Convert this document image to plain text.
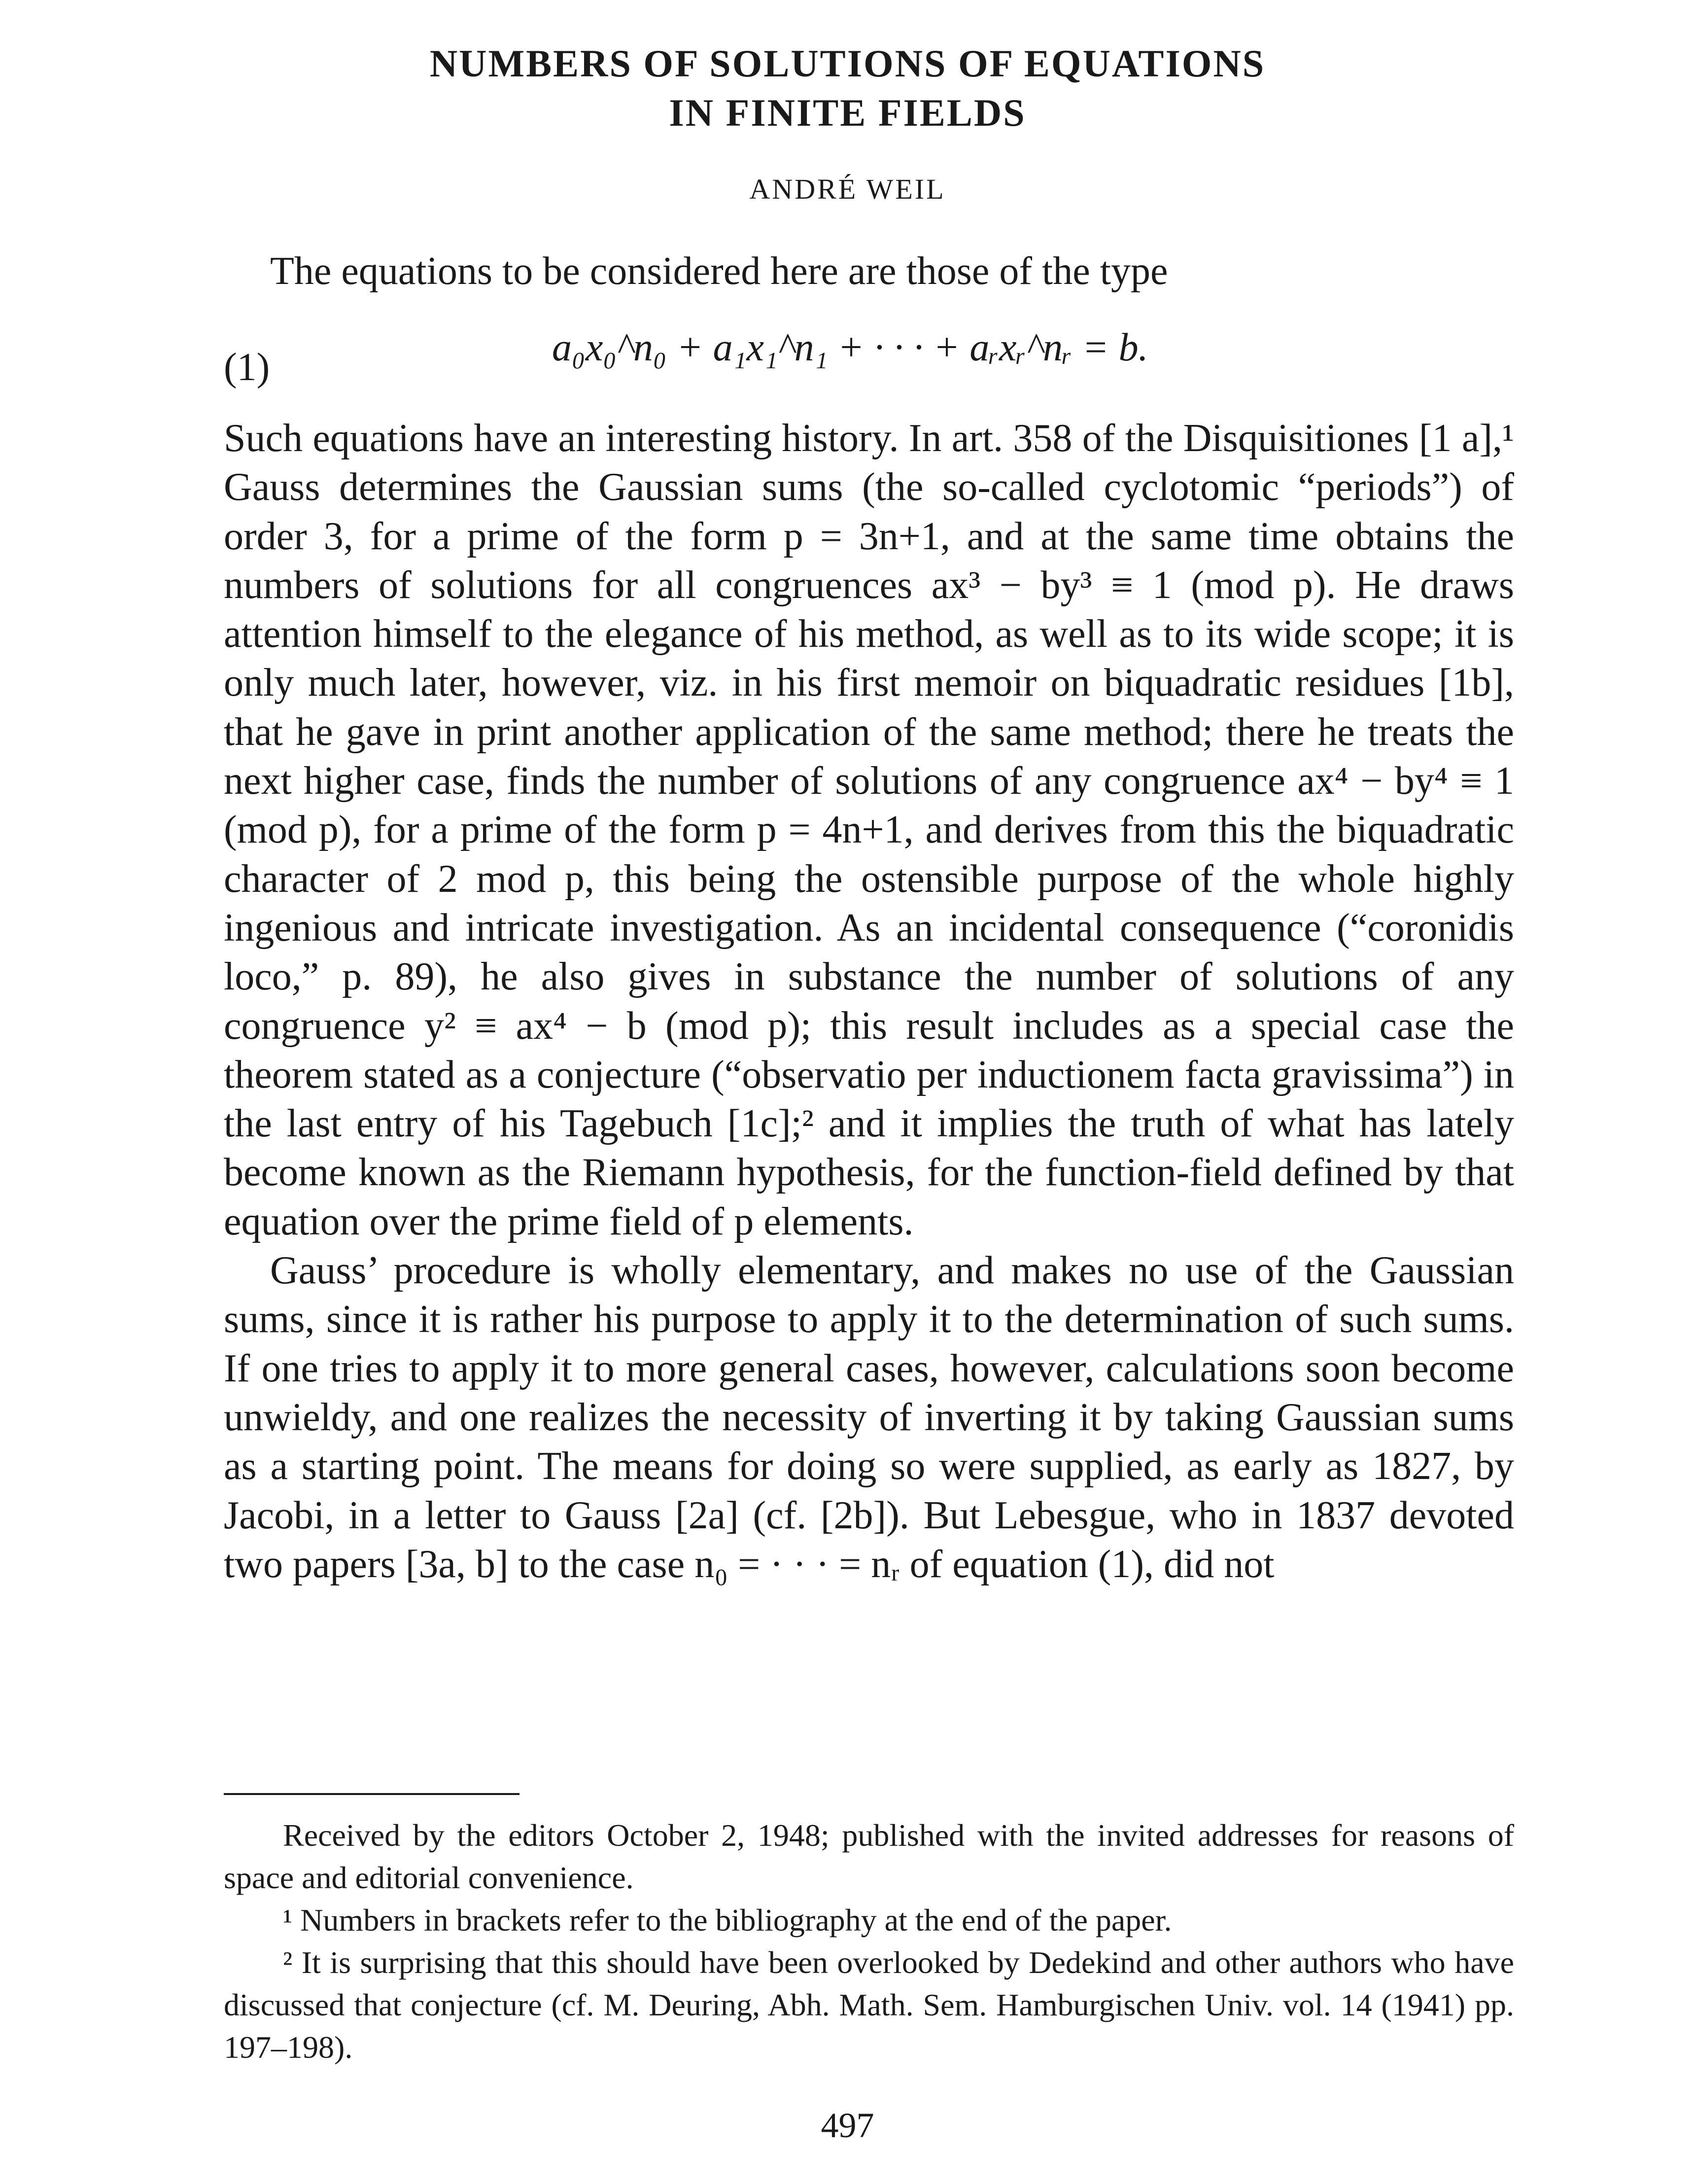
NUMBERS OF SOLUTIONS OF EQUATIONS
IN FINITE FIELDS
ANDRÉ WEIL
The equations to be considered here are those of the type
(1)	a₀x₀^n₀ + a₁x₁^n₁ + · · · + aᵣxᵣ^nᵣ = b.

Such equations have an interesting history. In art. 358 of the Disquisitiones [1 a],¹ Gauss determines the Gaussian sums (the so-called cyclotomic “periods”) of order 3, for a prime of the form p = 3n+1, and at the same time obtains the numbers of solutions for all congruences ax³ − by³ ≡ 1 (mod p). He draws attention himself to the elegance of his method, as well as to its wide scope; it is only much later, however, viz. in his first memoir on biquadratic residues [1b], that he gave in print another application of the same method; there he treats the next higher case, finds the number of solutions of any congruence ax⁴ − by⁴ ≡ 1 (mod p), for a prime of the form p = 4n+1, and derives from this the biquadratic character of 2 mod p, this being the ostensible purpose of the whole highly ingenious and intricate investigation. As an incidental consequence (“coronidis loco,” p. 89), he also gives in substance the number of solutions of any congruence y² ≡ ax⁴ − b (mod p); this result includes as a special case the theorem stated as a conjecture (“observatio per inductionem facta gravissima”) in the last entry of his Tagebuch [1c];² and it implies the truth of what has lately become known as the Riemann hypothesis, for the function-field defined by that equation over the prime field of p elements.

Gauss’ procedure is wholly elementary, and makes no use of the Gaussian sums, since it is rather his purpose to apply it to the determination of such sums. If one tries to apply it to more general cases, however, calculations soon become unwieldy, and one realizes the necessity of inverting it by taking Gaussian sums as a starting point. The means for doing so were supplied, as early as 1827, by Jacobi, in a letter to Gauss [2a] (cf. [2b]). But Lebesgue, who in 1837 devoted two papers [3a, b] to the case n₀ = · · · = nᵣ of equation (1), did not

Received by the editors October 2, 1948; published with the invited addresses for reasons of space and editorial convenience.

¹ Numbers in brackets refer to the bibliography at the end of the paper.

² It is surprising that this should have been overlooked by Dedekind and other authors who have discussed that conjecture (cf. M. Deuring, Abh. Math. Sem. Hamburgischen Univ. vol. 14 (1941) pp. 197–198).

497
